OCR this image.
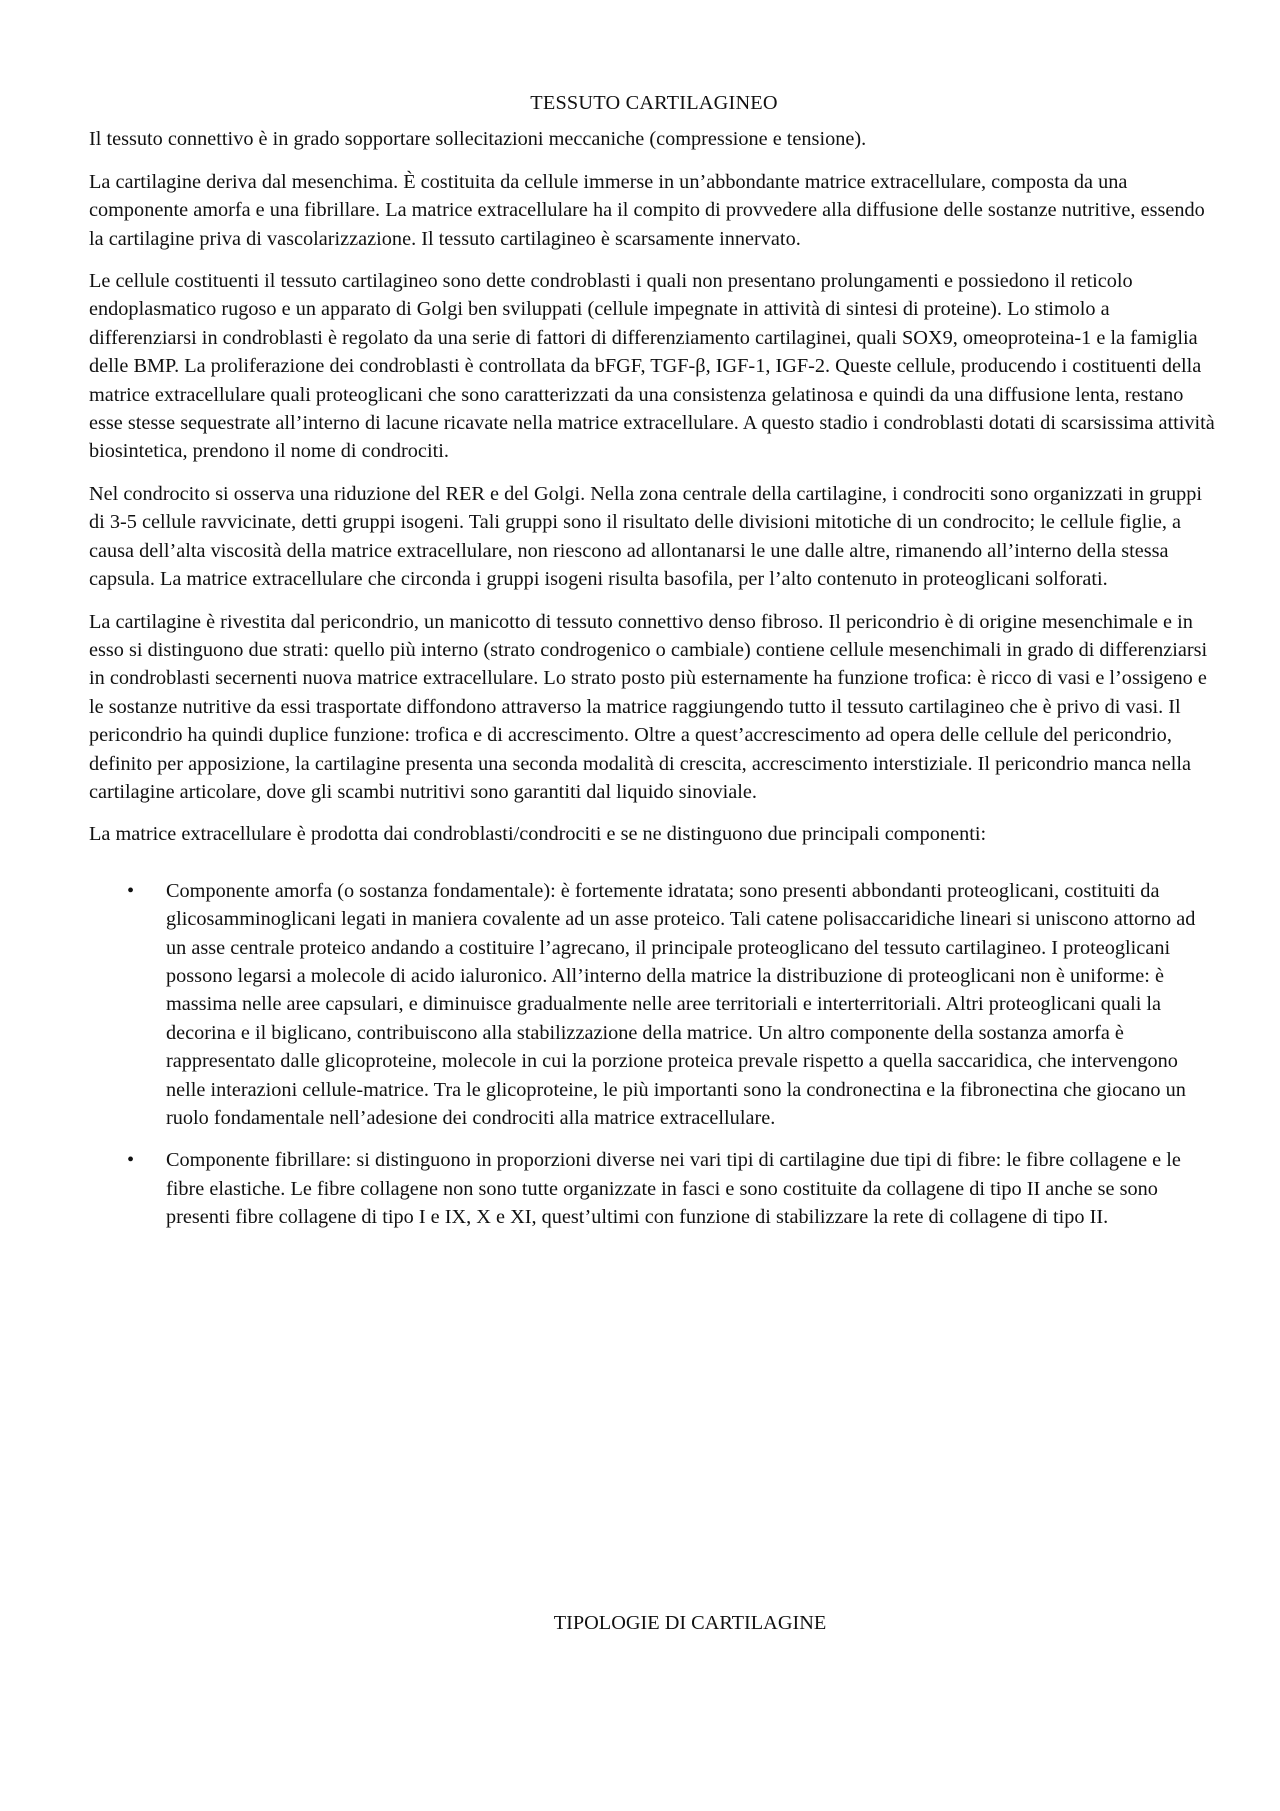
TESSUTO CARTILAGINEO

Il tessuto connettivo è in grado sopportare sollecitazioni meccaniche (compressione e tensione).

La cartilagine deriva dal mesenchima. È costituita da cellule immerse in un’abbondante matrice extracellulare, composta da una componente amorfa e una fibrillare. La matrice extracellulare ha il compito di provvedere alla diffusione delle sostanze nutritive, essendo la cartilagine priva di vascolarizzazione. Il tessuto cartilagineo è scarsamente innervato.

Le cellule costituenti il tessuto cartilagineo sono dette condroblasti i quali non presentano prolungamenti e possiedono il reticolo endoplasmatico rugoso e un apparato di Golgi ben sviluppati (cellule impegnate in attività di sintesi di proteine). Lo stimolo a differenziarsi in condroblasti è regolato da una serie di fattori di differenziamento cartilaginei, quali SOX9, omeoproteina-1 e la famiglia delle BMP. La proliferazione dei condroblasti è controllata da bFGF, TGF-β, IGF-1, IGF-2. Queste cellule, producendo i costituenti della matrice extracellulare quali proteoglicani che sono caratterizzati da una consistenza gelatinosa e quindi da una diffusione lenta, restano esse stesse sequestrate all’interno di lacune ricavate nella matrice extracellulare. A questo stadio i condroblasti dotati di scarsissima attività biosintetica, prendono il nome di condrociti.

Nel condrocito si osserva una riduzione del RER e del Golgi. Nella zona centrale della cartilagine, i condrociti sono organizzati in gruppi di 3-5 cellule ravvicinate, detti gruppi isogeni. Tali gruppi sono il risultato delle divisioni mitotiche di un condrocito; le cellule figlie, a causa dell’alta viscosità della matrice extracellulare, non riescono ad allontanarsi le une dalle altre, rimanendo all’interno della stessa capsula. La matrice extracellulare che circonda i gruppi isogeni risulta basofila, per l’alto contenuto in proteoglicani solforati.

La cartilagine è rivestita dal pericondrio, un manicotto di tessuto connettivo denso fibroso. Il pericondrio è di origine mesenchimale e in esso si distinguono due strati: quello più interno (strato condrogenico o cambiale) contiene cellule mesenchimali in grado di differenziarsi in condroblasti secernenti nuova matrice extracellulare. Lo strato posto più esternamente ha funzione trofica: è ricco di vasi e l’ossigeno e le sostanze nutritive da essi trasportate diffondono attraverso la matrice raggiungendo tutto il tessuto cartilagineo che è privo di vasi. Il pericondrio ha quindi duplice funzione: trofica e di accrescimento. Oltre a quest’accrescimento ad opera delle cellule del pericondrio, definito per apposizione, la cartilagine presenta una seconda modalità di crescita, accrescimento interstiziale. Il pericondrio manca nella cartilagine articolare, dove gli scambi nutritivi sono garantiti dal liquido sinoviale.

La matrice extracellulare è prodotta dai condroblasti/condrociti e se ne distinguono due principali componenti:

• Componente amorfa (o sostanza fondamentale): è fortemente idratata; sono presenti abbondanti proteoglicani, costituiti da glicosamminoglicani legati in maniera covalente ad un asse proteico. Tali catene polisaccaridiche lineari si uniscono attorno ad un asse centrale proteico andando a costituire l’agrecano, il principale proteoglicano del tessuto cartilagineo. I proteoglicani possono legarsi a molecole di acido ialuronico. All’interno della matrice la distribuzione di proteoglicani non è uniforme: è massima nelle aree capsulari, e diminuisce gradualmente nelle aree territoriali e interterritoriali. Altri proteoglicani quali la decorina e il biglicano, contribuiscono alla stabilizzazione della matrice. Un altro componente della sostanza amorfa è rappresentato dalle glicoproteine, molecole in cui la porzione proteica prevale rispetto a quella saccaridica, che intervengono nelle interazioni cellule-matrice. Tra le glicoproteine, le più importanti sono la condronectina e la fibronectina che giocano un ruolo fondamentale nell’adesione dei condrociti alla matrice extracellulare.
• Componente fibrillare: si distinguono in proporzioni diverse nei vari tipi di cartilagine due tipi di fibre: le fibre collagene e le fibre elastiche. Le fibre collagene non sono tutte organizzate in fasci e sono costituite da collagene di tipo II anche se sono presenti fibre collagene di tipo I e IX, X e XI, quest’ultimi con funzione di stabilizzare la rete di collagene di tipo II.
TIPOLOGIE DI CARTILAGINE
